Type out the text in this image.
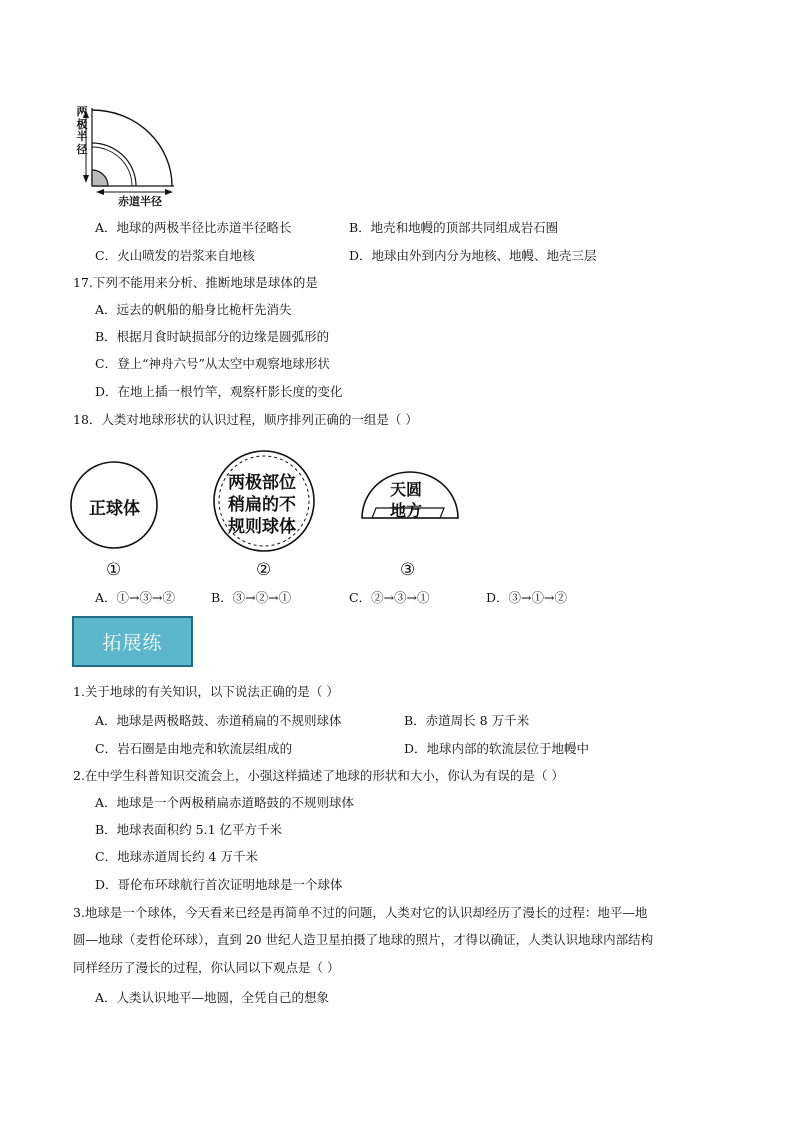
两极半径
赤道半径
A．地球的两极半径比赤道半径略长	B．地壳和地幔的顶部共同组成岩石圈
C．火山喷发的岩浆来自地核	D．地球由外到内分为地核、地幔、地壳三层
17.下列不能用来分析、推断地球是球体的是
A．远去的帆船的船身比桅杆先消失
B．根据月食时缺损部分的边缘是圆弧形的
C．登上“神舟六号”从太空中观察地球形状
D．在地上插一根竹竿，观察杆影长度的变化
18．人类对地球形状的认识过程，顺序排列正确的一组是（ ）
正球体
两极部位
稍扁的不
规则球体
天圆
地方
①	②	③
A．①→③→②	B．③→②→①	C．②→③→①	D．③→①→②
拓展练
1.关于地球的有关知识，以下说法正确的是（ ）
A．地球是两极略鼓、赤道稍扁的不规则球体	B．赤道周长 8 万千米
C．岩石圈是由地壳和软流层组成的	D．地球内部的软流层位于地幔中
2.在中学生科普知识交流会上，小强这样描述了地球的形状和大小，你认为有误的是（ ）
A．地球是一个两极稍扁赤道略鼓的不规则球体
B．地球表面积约 5.1 亿平方千米
C．地球赤道周长约 4 万千米
D．哥伦布环球航行首次证明地球是一个球体
3.地球是一个球体，今天看来已经是再简单不过的问题，人类对它的认识却经历了漫长的过程：地平—地
圆—地球（麦哲伦环球），直到 20 世纪人造卫星拍摄了地球的照片，才得以确证，人类认识地球内部结构
同样经历了漫长的过程，你认同以下观点是（ ）
A．人类认识地平—地圆，全凭自己的想象
